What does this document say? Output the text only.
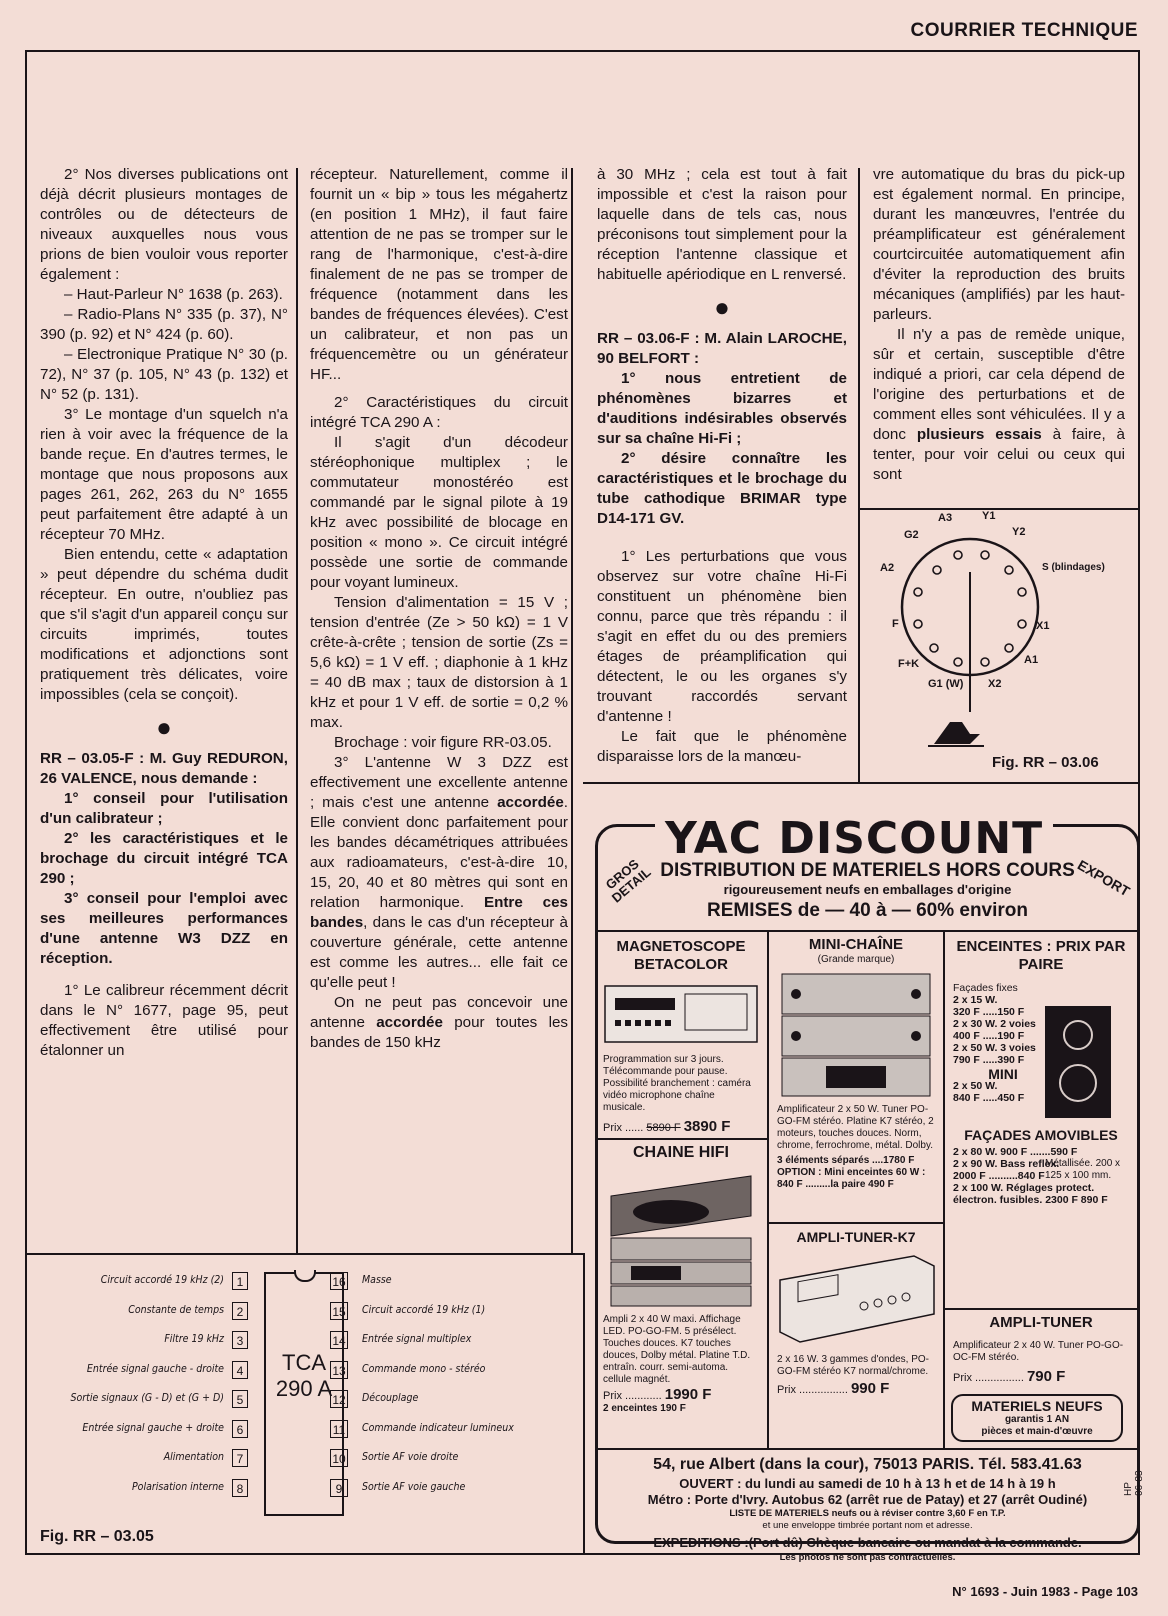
COURRIER TECHNIQUE

2° Nos diverses publications ont déjà décrit plusieurs montages de contrôles ou de détecteurs de niveaux auxquelles nous vous prions de bien vouloir vous reporter également :

– Haut-Parleur N° 1638 (p. 263).

– Radio-Plans N° 335 (p. 37), N° 390 (p. 92) et N° 424 (p. 60).

– Electronique Pratique N° 30 (p. 72), N° 37 (p. 105, N° 43 (p. 132) et N° 52 (p. 131).

3° Le montage d'un squelch n'a rien à voir avec la fréquence de la bande reçue. En d'autres termes, le montage que nous proposons aux pages 261, 262, 263 du N° 1655 peut parfaitement être adapté à un récepteur 70 MHz.

Bien entendu, cette « adaptation » peut dépendre du schéma dudit récepteur. En outre, n'oubliez pas que s'il s'agit d'un appareil conçu sur circuits imprimés, toutes modifications et adjonctions sont pratiquement très délicates, voire impossibles (cela se conçoit).

●

RR – 03.05-F : M. Guy REDURON, 26 VALENCE, nous demande :

1° conseil pour l'utilisation d'un calibrateur ;

2° les caractéristiques et le brochage du circuit intégré TCA 290 ;

3° conseil pour l'emploi avec ses meilleures performances d'une antenne W3 DZZ en réception.

1° Le calibreur récemment décrit dans le N° 1677, page 95, peut effectivement être utilisé pour étalonner un

récepteur. Naturellement, comme il fournit un « bip » tous les mégahertz (en position 1 MHz), il faut faire attention de ne pas se tromper sur le rang de l'harmonique, c'est-à-dire finalement de ne pas se tromper de fréquence (notamment dans les bandes de fréquences élevées). C'est un calibrateur, et non pas un fréquencemètre ou un générateur HF...

2° Caractéristiques du circuit intégré TCA 290 A :

Il s'agit d'un décodeur stéréophonique multiplex ; le commutateur monostéréo est commandé par le signal pilote à 19 kHz avec possibilité de blocage en position « mono ». Ce circuit intégré possède une sortie de commande pour voyant lumineux.

Tension d'alimentation = 15 V ; tension d'entrée (Ze > 50 kΩ) = 1 V crête-à-crête ; tension de sortie (Zs = 5,6 kΩ) = 1 V eff. ; diaphonie à 1 kHz = 40 dB max ; taux de distorsion à 1 kHz et pour 1 V eff. de sortie = 0,2 % max.

Brochage : voir figure RR-03.05.

3° L'antenne W 3 DZZ est effectivement une excellente antenne ; mais c'est une antenne accordée. Elle convient donc parfaitement pour les bandes décamétriques attribuées aux radioamateurs, c'est-à-dire 10, 15, 20, 40 et 80 mètres qui sont en relation harmonique. Entre ces bandes, dans le cas d'un récepteur à couverture générale, cette antenne est comme les autres... elle fait ce qu'elle peut !

On ne peut pas concevoir une antenne accordée pour toutes les bandes de 150 kHz

à 30 MHz ; cela est tout à fait impossible et c'est la raison pour laquelle dans de tels cas, nous préconisons tout simplement pour la réception l'antenne classique et habituelle apériodique en L renversé.

●

RR – 03.06-F : M. Alain LAROCHE, 90 BELFORT :

1° nous entretient de phénomènes bizarres et d'auditions indésirables observés sur sa chaîne Hi-Fi ;

2° désire connaître les caractéristiques et le brochage du tube cathodique BRIMAR type D14-171 GV.

1° Les perturbations que vous observez sur votre chaîne Hi-Fi constituent un phénomène bien connu, parce que très répandu : il s'agit en effet du ou des premiers étages de préamplification qui détectent, le ou les organes s'y trouvant raccordés servant d'antenne !

Le fait que le phénomène disparaisse lors de la manœu-

vre automatique du bras du pick-up est également normal. En principe, durant les manœuvres, l'entrée du préamplificateur est généralement courtcircuitée automatiquement afin d'éviter la reproduction des bruits mécaniques (amplifiés) par les haut-parleurs.

Il n'y a pas de remède unique, sûr et certain, susceptible d'être indiqué a priori, car cela dépend de l'origine des perturbations et de comment elles sont véhiculées. Il y a donc plusieurs essais à faire, à tenter, pour voir celui ou ceux qui sont

A3	Y1
G2	Y2
A2	S (blindages)
F	X1
F+K	A1
G1 (W) X2
Fig. RR – 03.06
TCA
290 A
Circuit accordé 19 kHz (2)	1
Constante de temps	2
Filtre 19 kHz	3
Entrée signal gauche - droite	4
Sortie signaux (G - D) et (G + D)	5
Entrée signal gauche + droite	6
Alimentation	7
Polarisation interne	8
16 Masse
15 Circuit accordé 19 kHz (1)
14 Entrée signal multiplex
13 Commande mono - stéréo
12 Découplage
11 Commande indicateur lumineux
10 Sortie AF voie droite
9	Sortie AF voie gauche
Fig. RR – 03.05
YAC DISCOUNT
GROS DETAIL	EXPORT
DISTRIBUTION DE MATERIELS HORS COURS
rigoureusement neufs en emballages d'origine
REMISES de — 40 à — 60% environ
MAGNETOSCOPE BETACOLOR
Programmation sur 3 jours. Télécommande pour pause. Possibilité branchement : caméra vidéo microphone chaîne musicale.
Prix ...... 5890 F 3890 F
MINI-CHAÎNE
(Grande marque)
Amplificateur 2 x 50 W. Tuner PO-GO-FM stéréo. Platine K7 stéréo, 2 moteurs, touches douces. Norm, chrome, ferrochrome, métal. Dolby.
3 éléments séparés ....1780 F
OPTION : Mini enceintes 60 W :
840 F .........la paire 490 F
ENCEINTES : PRIX PAR PAIRE
Façades fixes
2 x 15 W.
320 F .....150 F
2 x 30 W. 2 voies
400 F .....190 F
2 x 50 W. 3 voies
790 F .....390 F
MINI
2 x 50 W.
840 F .....450 F
Métallisée. 200 x 125 x 100 mm.
FAÇADES AMOVIBLES
2 x 80 W. 900 F .......590 F
2 x 90 W. Bass reflex.
2000 F ..........840 F
2 x 100 W. Réglages protect. électron. fusibles. 2300 F 890 F
CHAINE HIFI
Ampli 2 x 40 W maxi. Affichage LED. PO-GO-FM. 5 présélect. Touches douces. K7 touches douces, Dolby métal. Platine T.D. entraîn. courr. semi-automa. cellule magnét.
Prix ............ 1990 F
2 enceintes 190 F
AMPLI-TUNER-K7
2 x 16 W. 3 gammes d'ondes, PO-GO-FM stéréo K7 normal/chrome.
Prix ................ 990 F
AMPLI-TUNER
Amplificateur 2 x 40 W. Tuner PO-GO-OC-FM stéréo.
Prix ................ 790 F
MATERIELS NEUFS
garantis 1 AN
pièces et main-d'œuvre
54, rue Albert (dans la cour), 75013 PARIS. Tél. 583.41.63
OUVERT : du lundi au samedi de 10 h à 13 h et de 14 h à 19 h
Métro : Porte d'Ivry. Autobus 62 (arrêt rue de Patay) et 27 (arrêt Oudiné)
LISTE DE MATERIELS neufs ou à réviser contre 3,60 F en T.P.
et une enveloppe timbrée portant nom et adresse.
EXPEDITIONS :(Port dû) Chèque bancaire ou mandat à la commande.
Les photos ne sont pas contractuelles.
HP 06-83
N° 1693 - Juin 1983 - Page 103
